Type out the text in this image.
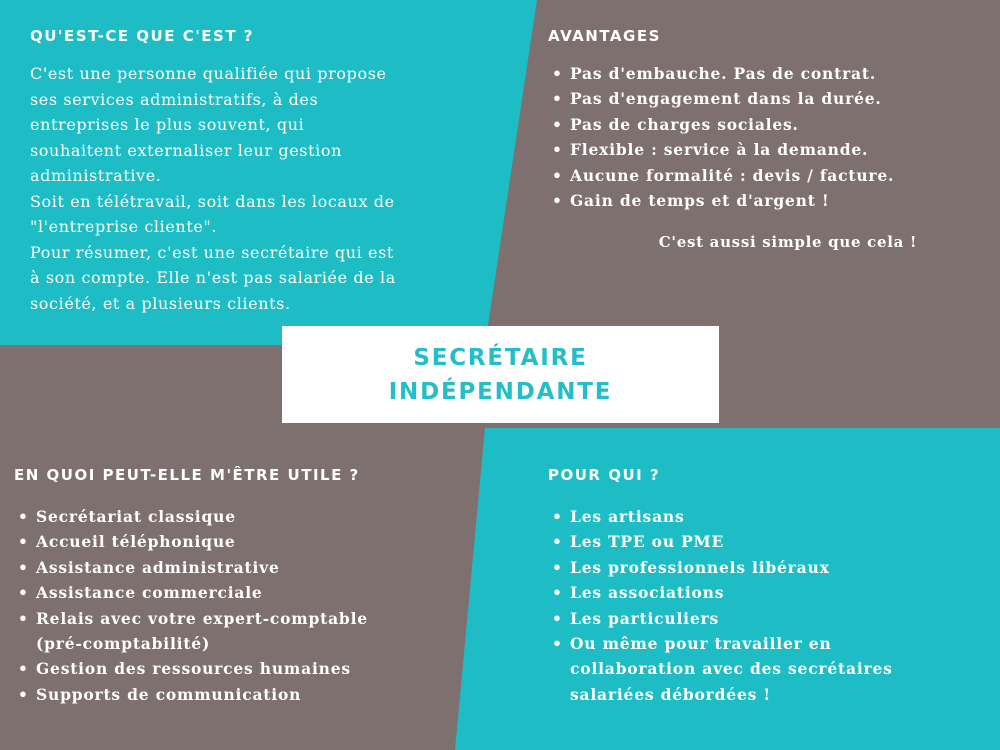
QU'EST-CE QUE C'EST ?

C'est une personne qualifiée qui propose

ses services administratifs, à des

entreprises le plus souvent, qui

souhaitent externaliser leur gestion

administrative.

Soit en télétravail, soit dans les locaux de

"l'entreprise cliente".

Pour résumer, c'est une secrétaire qui est

à son compte. Elle n'est pas salariée de la

société, et a plusieurs clients.

AVANTAGES
• Pas d'embauche. Pas de contrat.
• Pas d'engagement dans la durée.
• Pas de charges sociales.
• Flexible : service à la demande.
• Aucune formalité : devis / facture.
• Gain de temps et d'argent !
C'est aussi simple que cela !
SECRÉTAIRE
INDÉPENDANTE
EN QUOI PEUT-ELLE M'ÊTRE UTILE ?
• Secrétariat classique
• Accueil téléphonique
• Assistance administrative
• Assistance commerciale
• Relais avec votre expert-comptable (pré-comptabilité)
• Gestion des ressources humaines
• Supports de communication
POUR QUI ?
• Les artisans
• Les TPE ou PME
• Les professionnels libéraux
• Les associations
• Les particuliers
• Ou même pour travailler en collaboration avec des secrétaires salariées débordées !
